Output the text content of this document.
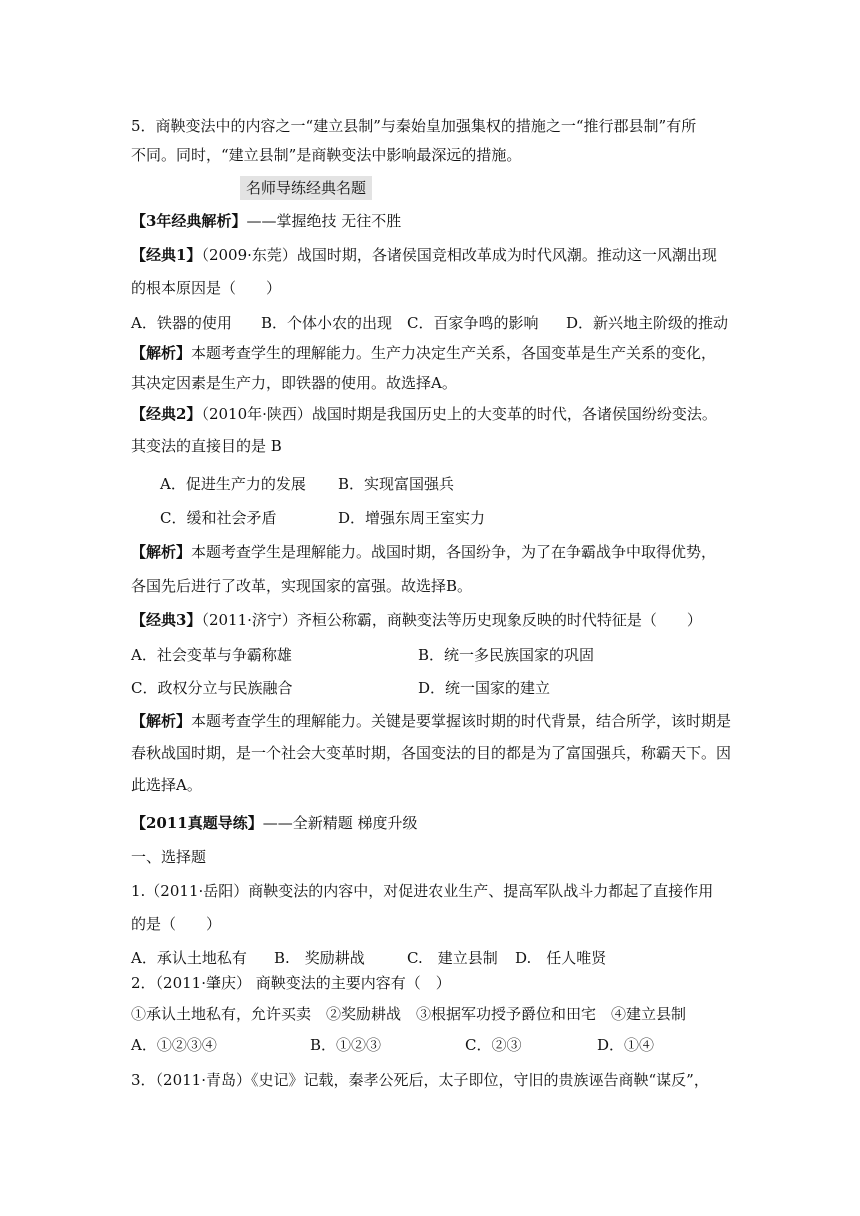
5．商鞅变法中的内容之一“建立县制”与秦始皇加强集权的措施之一“推行郡县制”有所
不同。同时，“建立县制”是商鞅变法中影响最深远的措施。
名师导练经典名题
【3年经典解析】——掌握绝技 无往不胜
【经典1】（2009·东莞）战国时期，各诸侯国竞相改革成为时代风潮。推动这一风潮出现
的根本原因是（　　）
A．铁器的使用 B．个体小农的出现 C．百家争鸣的影响 D．新兴地主阶级的推动
【解析】本题考查学生的理解能力。生产力决定生产关系，各国变革是生产关系的变化，
其决定因素是生产力，即铁器的使用。故选择A。
【经典2】（2010年·陕西）战国时期是我国历史上的大变革的时代，各诸侯国纷纷变法。
其变法的直接目的是 B
A．促进生产力的发展 B．实现富国强兵
C．缓和社会矛盾	D．增强东周王室实力
【解析】本题考查学生是理解能力。战国时期，各国纷争，为了在争霸战争中取得优势，
各国先后进行了改革，实现国家的富强。故选择B。
【经典3】（2011·济宁）齐桓公称霸，商鞅变法等历史现象反映的时代特征是（　　）
A．社会变革与争霸称雄	B．统一多民族国家的巩固
C．政权分立与民族融合	D．统一国家的建立
【解析】本题考查学生的理解能力。关键是要掌握该时期的时代背景，结合所学，该时期是
春秋战国时期，是一个社会大变革时期，各国变法的目的都是为了富国强兵，称霸天下。因
此选择A。
【2011真题导练】——全新精题 梯度升级
一、选择题
1.（2011·岳阳）商鞅变法的内容中，对促进农业生产、提高军队战斗力都起了直接作用
的是（　　）
A．承认土地私有 B.　奖励耕战	C.　建立县制 D.　任人唯贤
2．（2011·肇庆） 商鞅变法的主要内容有（　）
①承认土地私有，允许买卖　②奖励耕战　③根据军功授予爵位和田宅　④建立县制
A．①②③④	B．①②③	C．②③	D．①④
3．（2011·青岛）《史记》记载，秦孝公死后，太子即位，守旧的贵族诬告商鞅“谋反”，
